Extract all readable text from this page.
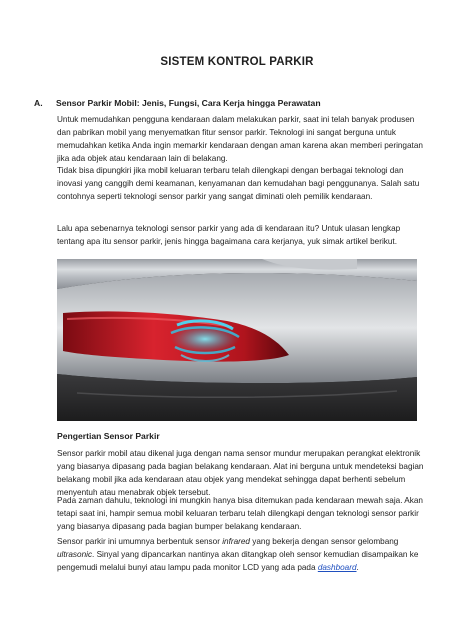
SISTEM KONTROL PARKIR
A.	Sensor Parkir Mobil: Jenis, Fungsi, Cara Kerja hingga Perawatan

Untuk memudahkan pengguna kendaraan dalam melakukan parkir, saat ini telah banyak produsen dan pabrikan mobil yang menyematkan fitur sensor parkir. Teknologi ini sangat berguna untuk memudahkan ketika Anda ingin memarkir kendaraan dengan aman karena akan memberi peringatan jika ada objek atau kendaraan lain di belakang.

Tidak bisa dipungkiri jika mobil keluaran terbaru telah dilengkapi dengan berbagai teknologi dan inovasi yang canggih demi keamanan, kenyamanan dan kemudahan bagi penggunanya. Salah satu contohnya seperti teknologi sensor parkir yang sangat diminati oleh pemilik kendaraan.

Lalu apa sebenarnya teknologi sensor parkir yang ada di kendaraan itu? Untuk ulasan lengkap tentang apa itu sensor parkir, jenis hingga bagaimana cara kerjanya, yuk simak artikel berikut.

Pengertian Sensor Parkir

Sensor parkir mobil atau dikenal juga dengan nama sensor mundur merupakan perangkat elektronik yang biasanya dipasang pada bagian belakang kendaraan. Alat ini berguna untuk mendeteksi bagian belakang mobil jika ada kendaraan atau objek yang mendekat sehingga dapat berhenti sebelum menyentuh atau menabrak objek tersebut.

Pada zaman dahulu, teknologi ini mungkin hanya bisa ditemukan pada kendaraan mewah saja. Akan tetapi saat ini, hampir semua mobil keluaran terbaru telah dilengkapi dengan teknologi sensor parkir yang biasanya dipasang pada bagian bumper belakang kendaraan.

Sensor parkir ini umumnya berbentuk sensor infrared yang bekerja dengan sensor gelombang ultrasonic. Sinyal yang dipancarkan nantinya akan ditangkap oleh sensor kemudian disampaikan ke pengemudi melalui bunyi atau lampu pada monitor LCD yang ada pada dashboard.
